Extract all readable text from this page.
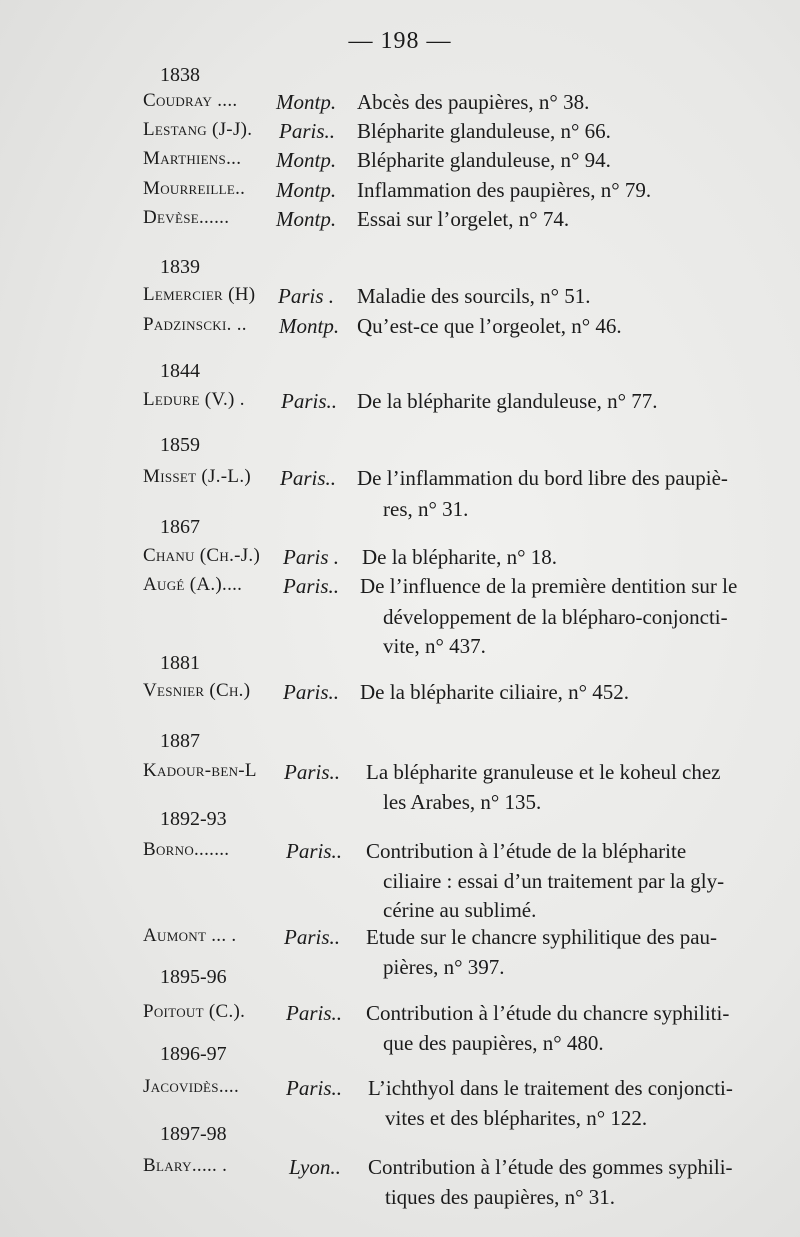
— 198 —
1838
1839
1844
1859
1867
1881
1887
1892-93
1895-96
1896-97
1897-98
Coudray .... Montp. Abcès des paupières, n° 38.
Lestang (J-J). Paris.. Blépharite glanduleuse, n° 66.
Marthiens... Montp. Blépharite glanduleuse, n° 94.
Mourreille.. Montp. Inflammation des paupières, n° 79.
Devèse...... Montp. Essai sur l’orgelet, n° 74.
Lemercier (H) Paris . Maladie des sourcils, n° 51.
Padzinscki. .. Montp. Qu’est-ce que l’orgeolet, n° 46.
Ledure (V.) . Paris.. De la blépharite glanduleuse, n° 77.
Misset (J.-L.) Paris.. De l’inflammation du bord libre des paupiè-
res, n° 31.
Chanu (Ch.-J.) Paris . De la blépharite, n° 18.
Augé (A.).... Paris.. De l’influence de la première dentition sur le
développement de la blépharo-conjoncti-
vite, n° 437.
Vesnier (Ch.) Paris.. De la blépharite ciliaire, n° 452.
Kadour-ben-L Paris.. La blépharite granuleuse et le koheul chez
les Arabes, n° 135.
Borno.......	Paris.. Contribution à l’étude de la blépharite
ciliaire : essai d’un traitement par la gly-
cérine au sublimé.
Aumont ... . Paris.. Etude sur le chancre syphilitique des pau-
pières, n° 397.
Poitout (C.). Paris.. Contribution à l’étude du chancre syphiliti-
que des paupières, n° 480.
Jacovidès.... Paris.. L’ichthyol dans le traitement des conjoncti-
vites et des blépharites, n° 122.
Blary..... .	Lyon.. Contribution à l’étude des gommes syphili-
tiques des paupières, n° 31.
